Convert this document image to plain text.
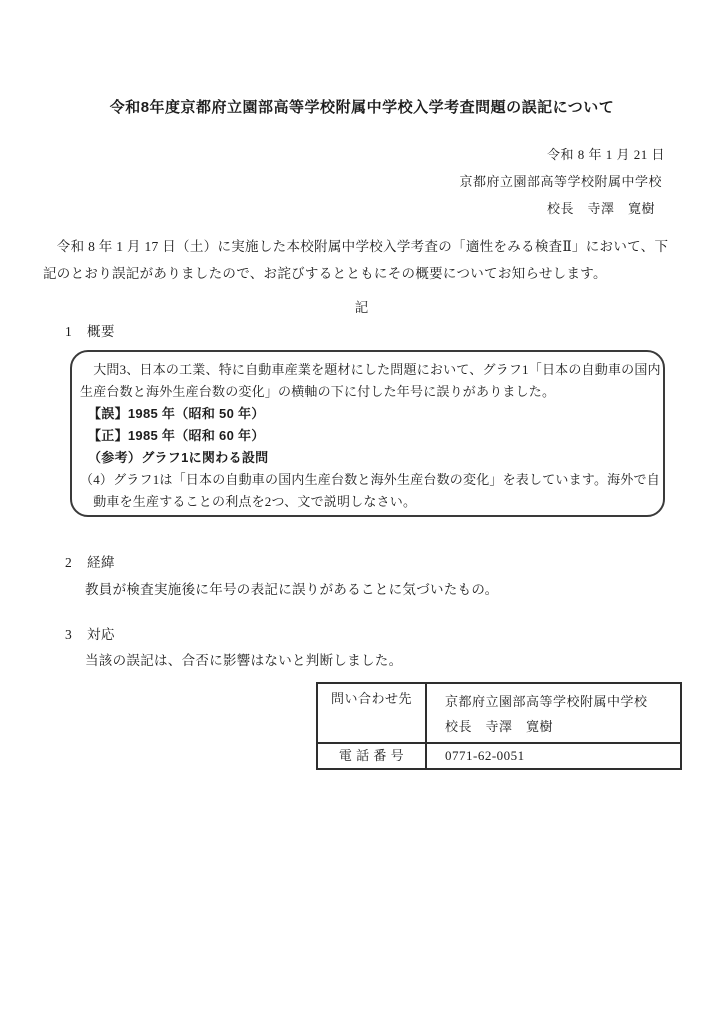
令和8年度京都府立園部高等学校附属中学校入学考査問題の誤記について
令和 8 年 1 月 21 日
京都府立園部高等学校附属中学校
校長　寺澤　寛樹
　令和 8 年 1 月 17 日（土）に実施した本校附属中学校入学考査の「適性をみる検査Ⅱ」において、下
記のとおり誤記がありましたので、お詫びするとともにその概要についてお知らせします。
記
1 概要
　大問3、日本の工業、特に自動車産業を題材にした問題において、グラフ1「日本の自動車の国内
生産台数と海外生産台数の変化」の横軸の下に付した年号に誤りがありました。
【誤】1985 年（昭和 50 年）
【正】1985 年（昭和 60 年）
（参考）グラフ1に関わる設問
（4）グラフ1は「日本の自動車の国内生産台数と海外生産台数の変化」を表しています。海外で自
　動車を生産することの利点を2つ、文で説明しなさい。
2 経緯
教員が検査実施後に年号の表記に誤りがあることに気づいたもの。
3 対応
当該の誤記は、合否に影響はないと判断しました。
問い合わせ先	京都府立園部高等学校附属中学校
校長　寺澤　寛樹

電 話 番 号	0771-62-0051
